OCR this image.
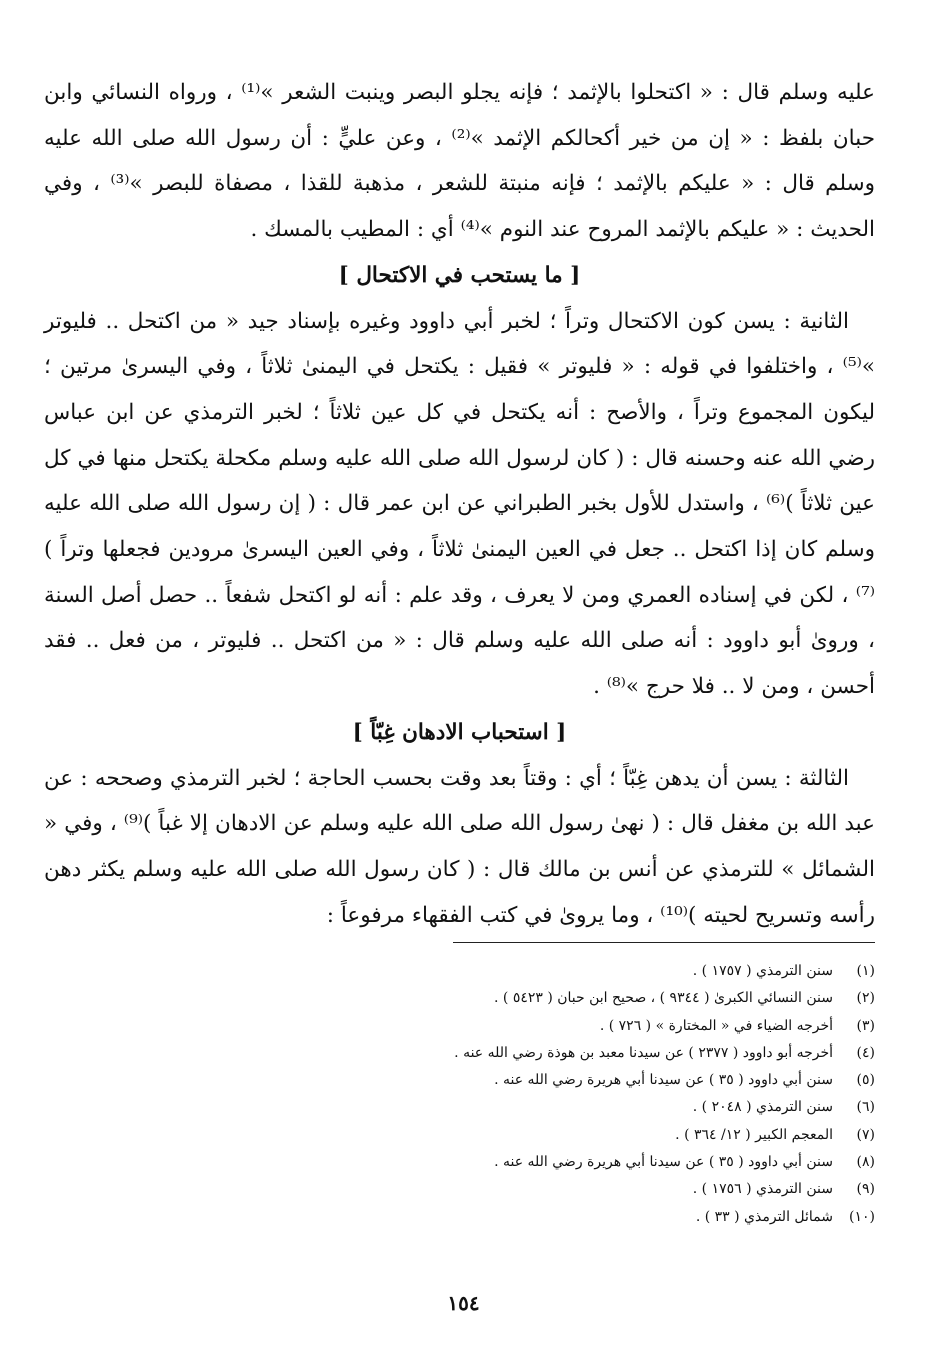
عليه وسلم قال : « اكتحلوا بالإثمد ؛ فإنه يجلو البصر وينبت الشعر »⁽¹⁾ ، ورواه النسائي وابن حبان بلفظ : « إن من خير أكحالكم الإثمد »⁽²⁾ ، وعن عليٍّ : أن رسول الله صلى الله عليه وسلم قال : « عليكم بالإثمد ؛ فإنه منبتة للشعر ، مذهبة للقذا ، مصفاة للبصر »⁽³⁾ ، وفي الحديث : « عليكم بالإثمد المروح عند النوم »⁽⁴⁾ أي : المطيب بالمسك .

[ ما يستحب في الاكتحال ]

الثانية : يسن كون الاكتحال وتراً ؛ لخبر أبي داوود وغيره بإسناد جيد « من اكتحل .. فليوتر »⁽⁵⁾ ، واختلفوا في قوله : « فليوتر » فقيل : يكتحل في اليمنىٰ ثلاثاً ، وفي اليسرىٰ مرتين ؛ ليكون المجموع وتراً ، والأصح : أنه يكتحل في كل عين ثلاثاً ؛ لخبر الترمذي عن ابن عباس رضي الله عنه وحسنه قال : ( كان لرسول الله صلى الله عليه وسلم مكحلة يكتحل منها في كل عين ثلاثاً )⁽⁶⁾ ، واستدل للأول بخبر الطبراني عن ابن عمر قال : ( إن رسول الله صلى الله عليه وسلم كان إذا اكتحل .. جعل في العين اليمنىٰ ثلاثاً ، وفي العين اليسرىٰ مرودين فجعلها وتراً )⁽⁷⁾ ، لكن في إسناده العمري ومن لا يعرف ، وقد علم : أنه لو اكتحل شفعاً .. حصل أصل السنة ، وروىٰ أبو داوود : أنه صلى الله عليه وسلم قال : « من اكتحل .. فليوتر ، من فعل .. فقد أحسن ، ومن لا .. فلا حرج »⁽⁸⁾ .

[ استحباب الادهان غِبّاً ]

الثالثة : يسن أن يدهن غِبّاً ؛ أي : وقتاً بعد وقت بحسب الحاجة ؛ لخبر الترمذي وصححه : عن عبد الله بن مغفل قال : ( نهىٰ رسول الله صلى الله عليه وسلم عن الادهان إلا غباً )⁽⁹⁾ ، وفي « الشمائل » للترمذي عن أنس بن مالك قال : ( كان رسول الله صلى الله عليه وسلم يكثر دهن رأسه وتسريح لحيته )⁽¹⁰⁾ ، وما يروىٰ في كتب الفقهاء مرفوعاً :

(١)
سنن الترمذي ( ١٧٥٧ ) .
(٢)
سنن النسائي الكبرىٰ ( ٩٣٤٤ ) ، صحيح ابن حبان ( ٥٤٢٣ ) .
(٣)
أخرجه الضياء في « المختارة » ( ٧٢٦ ) .
(٤)
أخرجه أبو داوود ( ٢٣٧٧ ) عن سيدنا معبد بن هوذة رضي الله عنه .
(٥)
سنن أبي داوود ( ٣٥ ) عن سيدنا أبي هريرة رضي الله عنه .
(٦)
سنن الترمذي ( ٢٠٤٨ ) .
(٧)
المعجم الكبير ( ١٢/ ٣٦٤ ) .
(٨)
سنن أبي داوود ( ٣٥ ) عن سيدنا أبي هريرة رضي الله عنه .
(٩)
سنن الترمذي ( ١٧٥٦ ) .
(١٠)
شمائل الترمذي ( ٣٣ ) .
١٥٤
